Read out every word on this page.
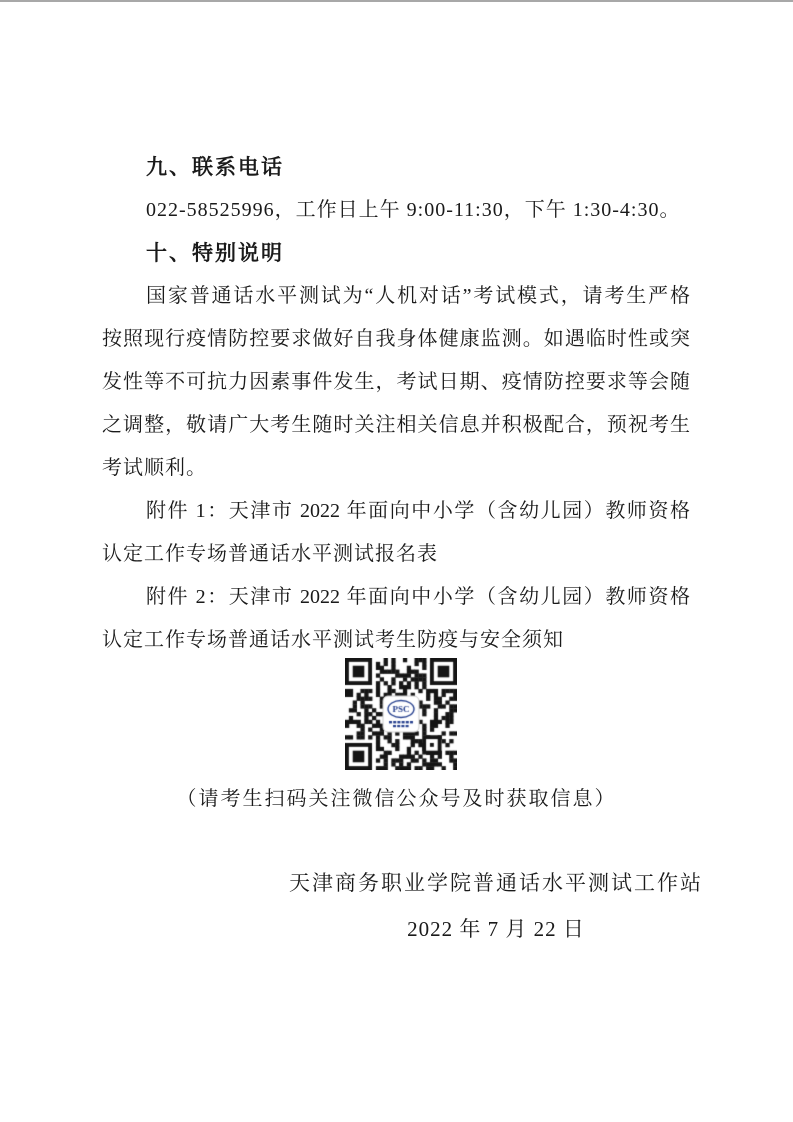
九、联系电话
022-58525996，工作日上午 9:00-11:30，下午 1:30-4:30。
十、特别说明
国家普通话水平测试为“人机对话”考试模式，请考生严格
按照现行疫情防控要求做好自我身体健康监测。如遇临时性或突
发性等不可抗力因素事件发生，考试日期、疫情防控要求等会随
之调整，敬请广大考生随时关注相关信息并积极配合，预祝考生
考试顺利。
附件 1：天津市 2022 年面向中小学（含幼儿园）教师资格
认定工作专场普通话水平测试报名表
附件 2：天津市 2022 年面向中小学（含幼儿园）教师资格
认定工作专场普通话水平测试考生防疫与安全须知
（请考生扫码关注微信公众号及时获取信息）
天津商务职业学院普通话水平测试工作站
2022 年 7 月 22 日
